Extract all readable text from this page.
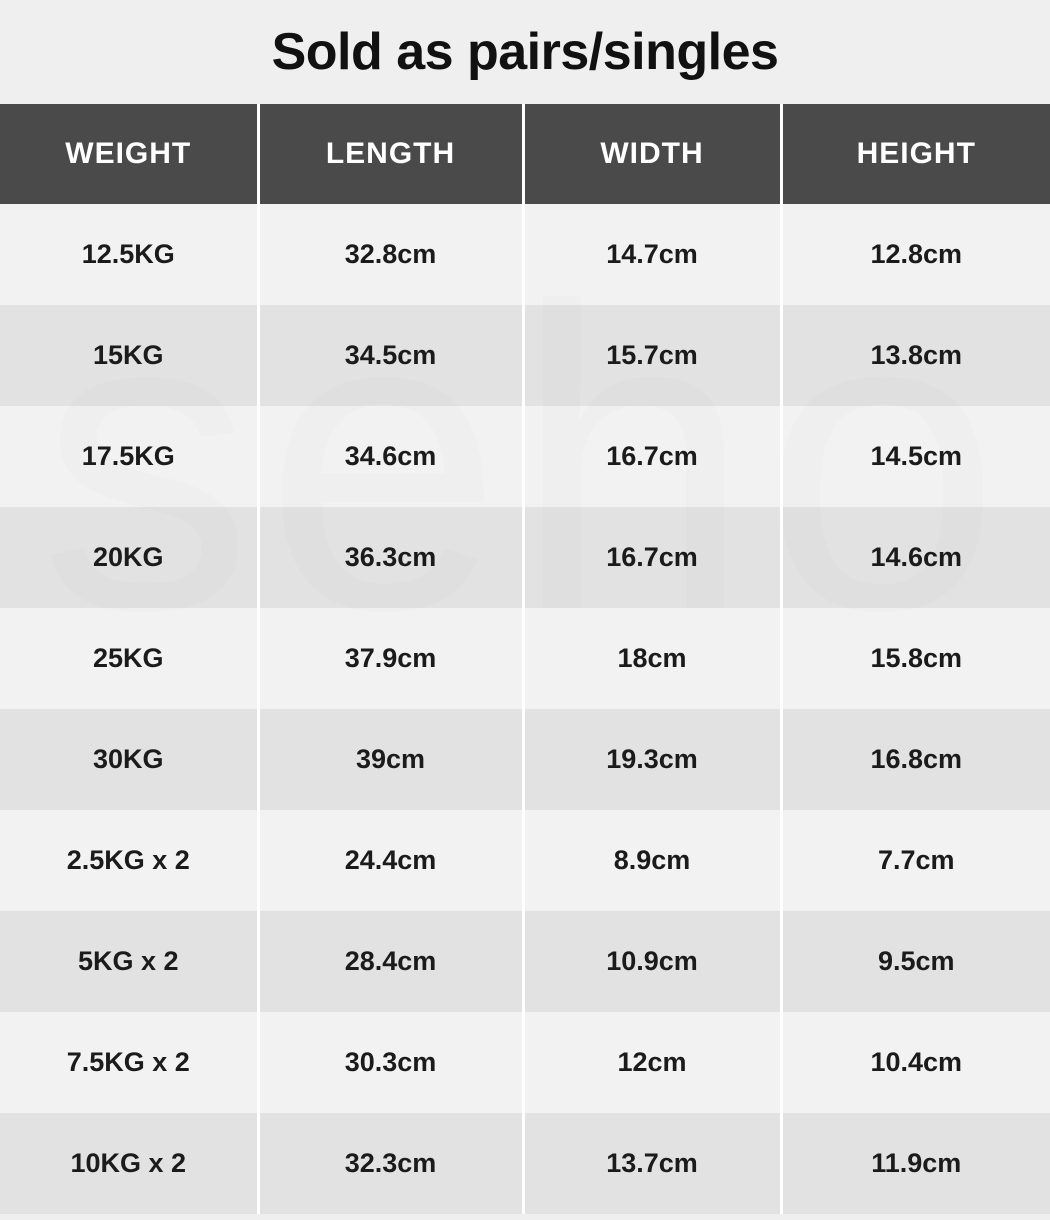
Sold as pairs/singles
WEIGHT	LENGTH	WIDTH	HEIGHT
12.5KG	32.8cm	14.7cm	12.8cm
15KG	34.5cm	15.7cm	13.8cm
17.5KG	34.6cm	16.7cm	14.5cm
20KG	36.3cm	16.7cm	14.6cm
25KG	37.9cm	18cm	15.8cm
30KG	39cm	19.3cm	16.8cm
2.5KG x 2	24.4cm	8.9cm	7.7cm
5KG x 2	28.4cm	10.9cm	9.5cm
7.5KG x 2	30.3cm	12cm	10.4cm
10KG x 2	32.3cm	13.7cm	11.9cm
